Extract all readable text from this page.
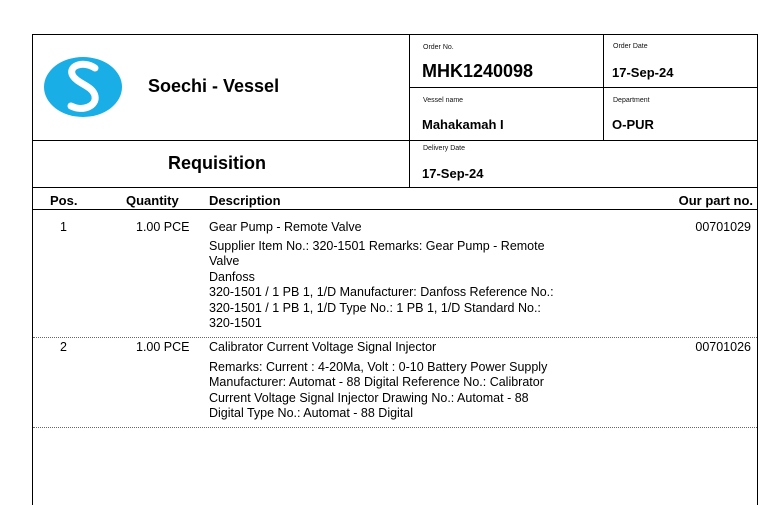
Soechi - Vessel
Requisition
Order No.
MHK1240098
Order Date
17-Sep-24
Vessel name
Mahakamah I
Department
O-PUR
Delivery Date
17-Sep-24
Pos.	Quantity Description	Our part no.
1	1.00 PCE Gear Pump - Remote Valve	00701029
Supplier Item No.: 320-1501 Remarks: Gear Pump - Remote
Valve
Danfoss
320-1501 / 1 PB 1, 1/D Manufacturer: Danfoss Reference No.:
320-1501 / 1 PB 1, 1/D Type No.: 1 PB 1, 1/D Standard No.:
320-1501
2	1.00 PCE Calibrator Current Voltage Signal Injector	00701026
Remarks: Current : 4-20Ma, Volt : 0-10 Battery Power Supply
Manufacturer: Automat - 88 Digital Reference No.: Calibrator
Current Voltage Signal Injector Drawing No.: Automat - 88
Digital Type No.: Automat - 88 Digital
